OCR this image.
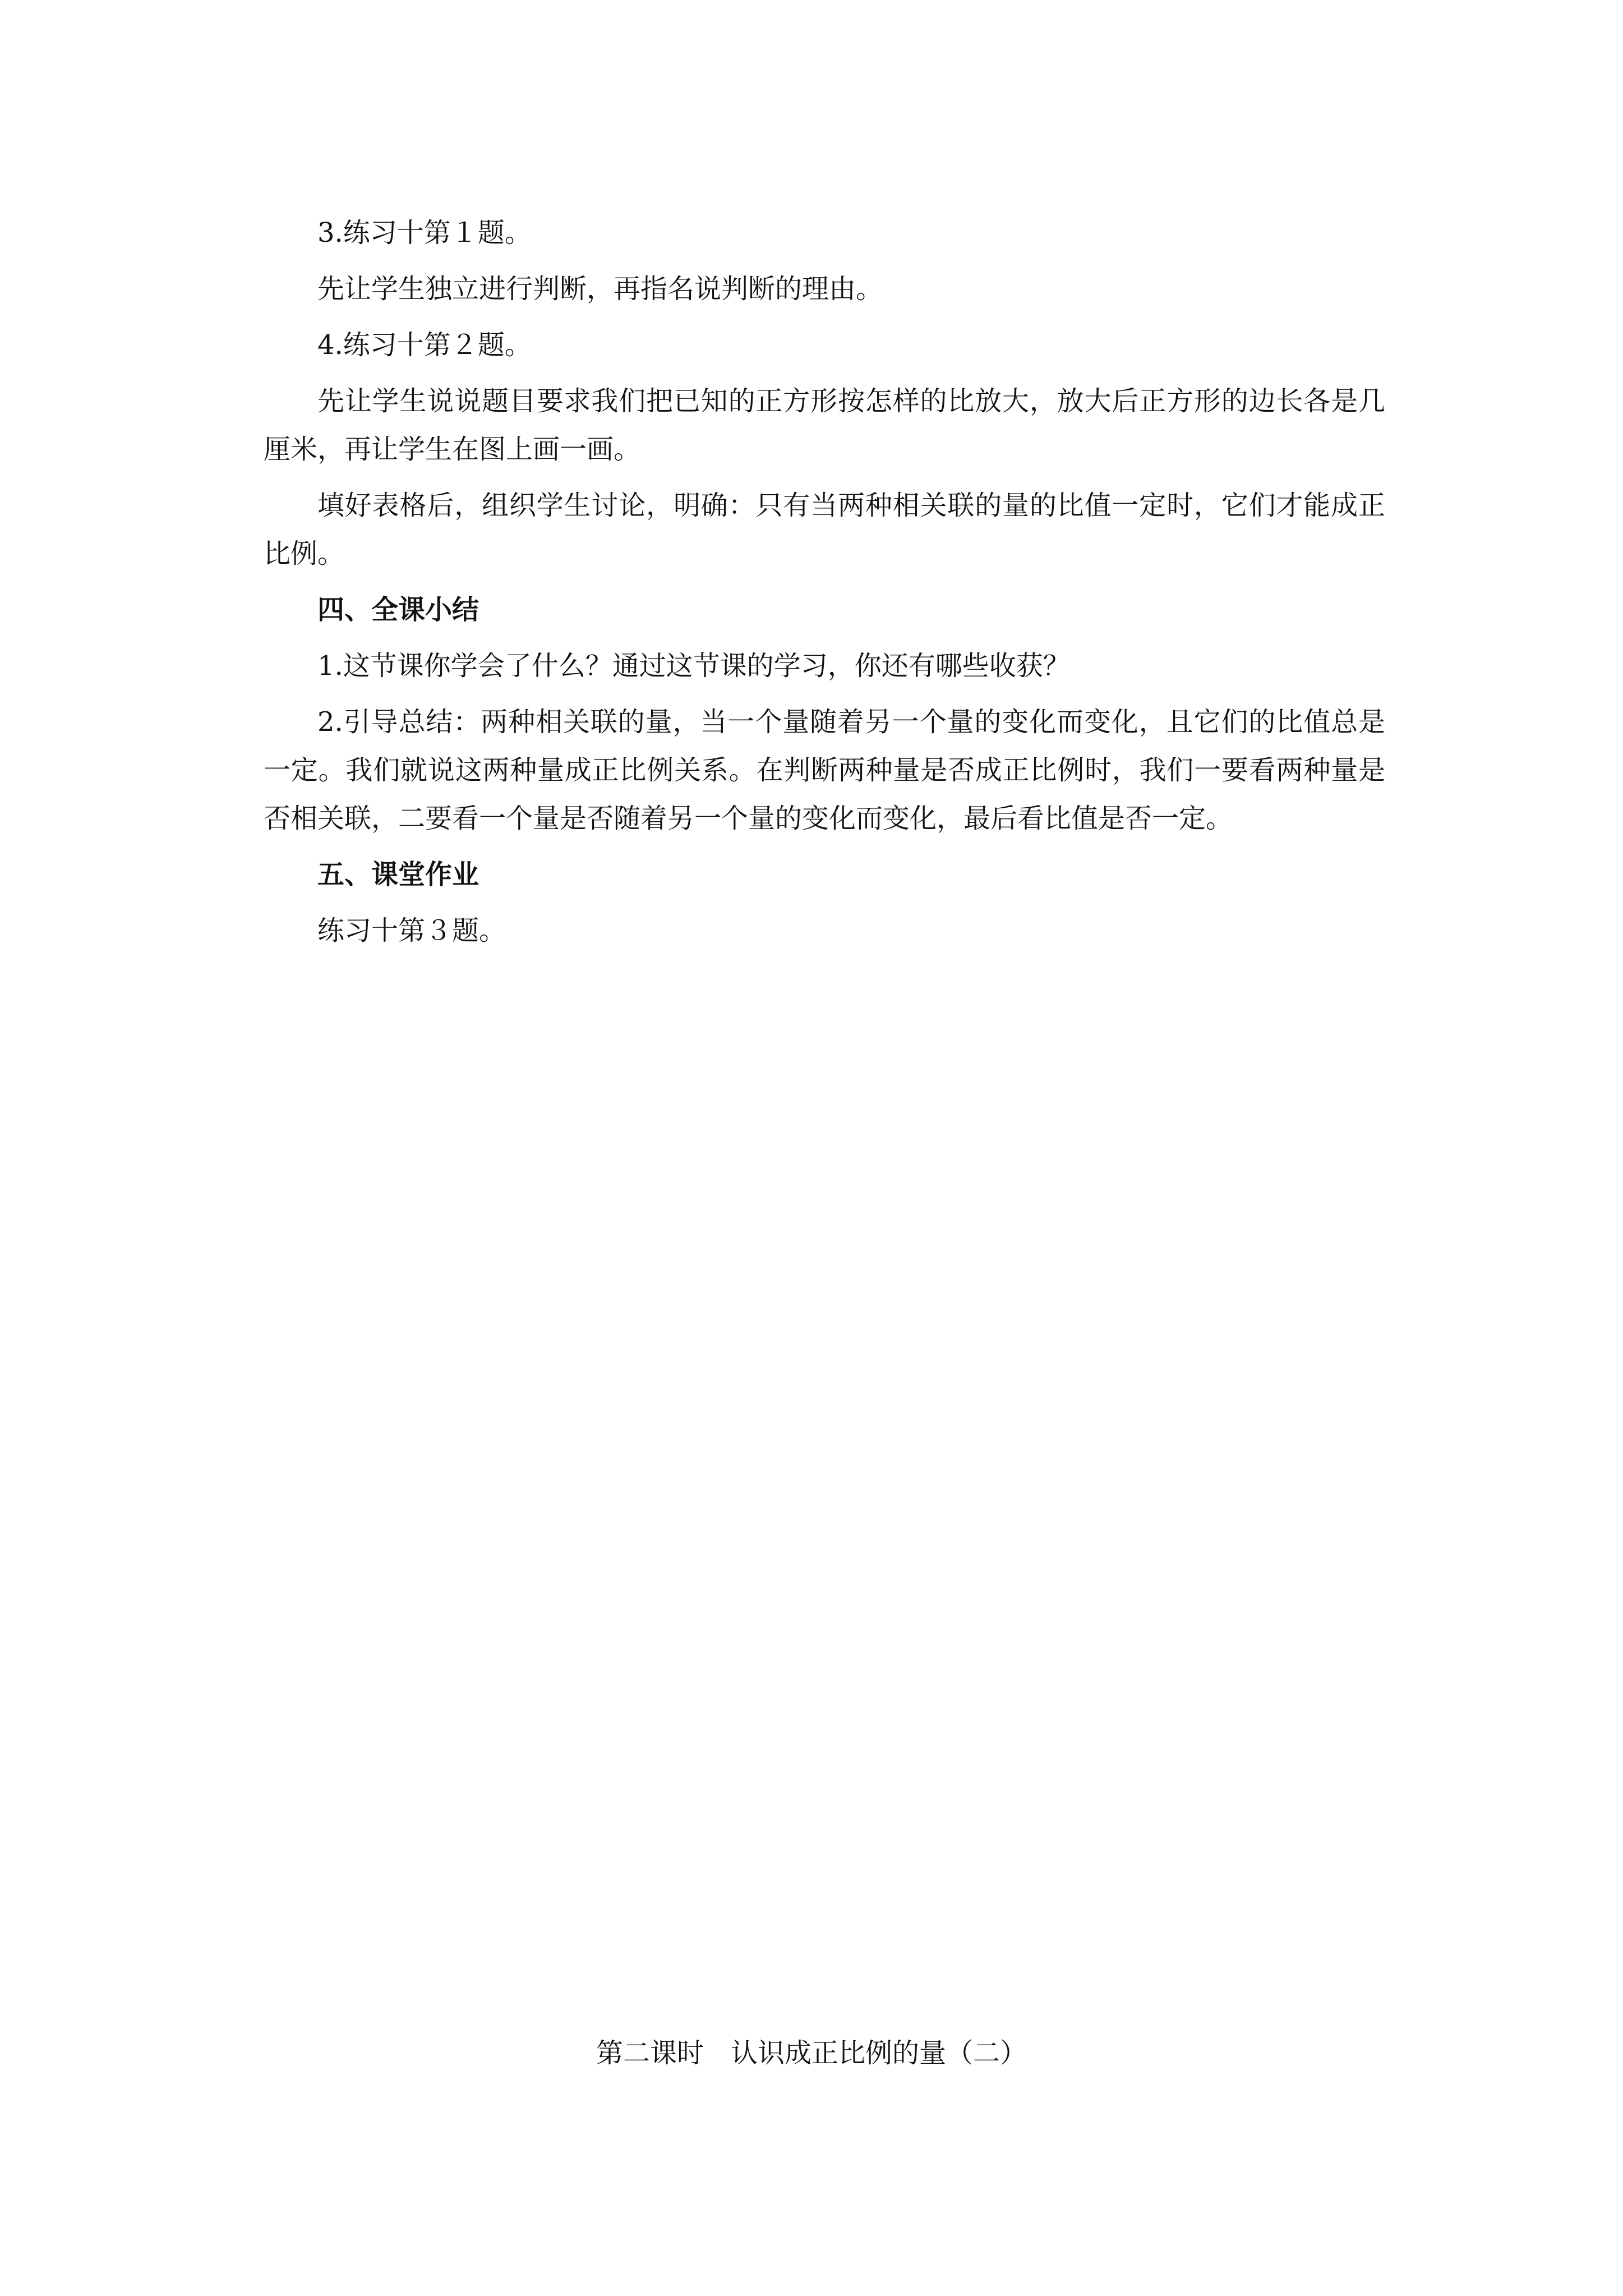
3.练习十第１题。

先让学生独立进行判断，再指名说判断的理由。

4.练习十第２题。

先让学生说说题目要求我们把已知的正方形按怎样的比放大，放大后正方形的边长各是几厘米，再让学生在图上画一画。

填好表格后，组织学生讨论，明确：只有当两种相关联的量的比值一定时，它们才能成正比例。

四、全课小结

1.这节课你学会了什么？通过这节课的学习，你还有哪些收获？

2.引导总结：两种相关联的量，当一个量随着另一个量的变化而变化，且它们的比值总是一定。我们就说这两种量成正比例关系。在判断两种量是否成正比例时，我们一要看两种量是否相关联，二要看一个量是否随着另一个量的变化而变化，最后看比值是否一定。

五、课堂作业

练习十第３题。

第二课时　认识成正比例的量（二）
